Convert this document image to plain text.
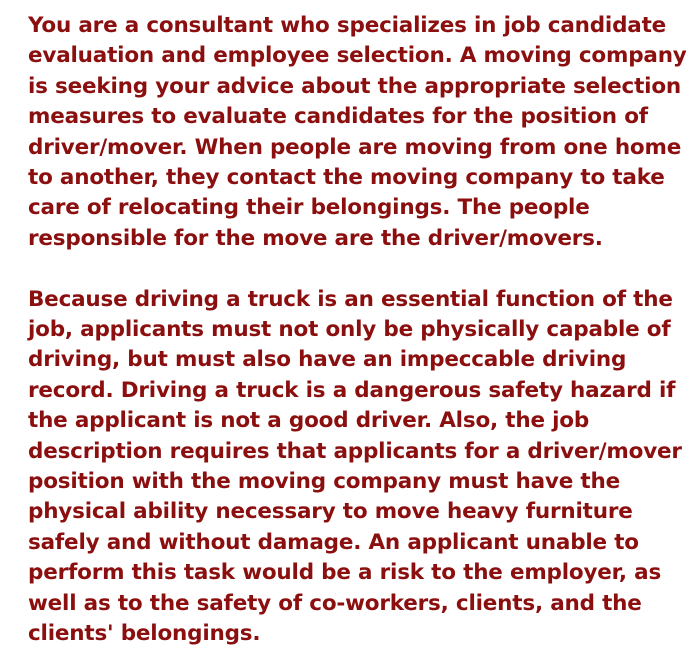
You are a consultant who specializes in job candidate
evaluation and employee selection. A moving company
is seeking your advice about the appropriate selection
measures to evaluate candidates for the position of
driver/mover. When people are moving from one home
to another, they contact the moving company to take
care of relocating their belongings. The people
responsible for the move are the driver/movers.
Because driving a truck is an essential function of the
job, applicants must not only be physically capable of
driving, but must also have an impeccable driving
record. Driving a truck is a dangerous safety hazard if
the applicant is not a good driver. Also, the job
description requires that applicants for a driver/mover
position with the moving company must have the
physical ability necessary to move heavy furniture
safely and without damage. An applicant unable to
perform this task would be a risk to the employer, as
well as to the safety of co-workers, clients, and the
clients' belongings.
